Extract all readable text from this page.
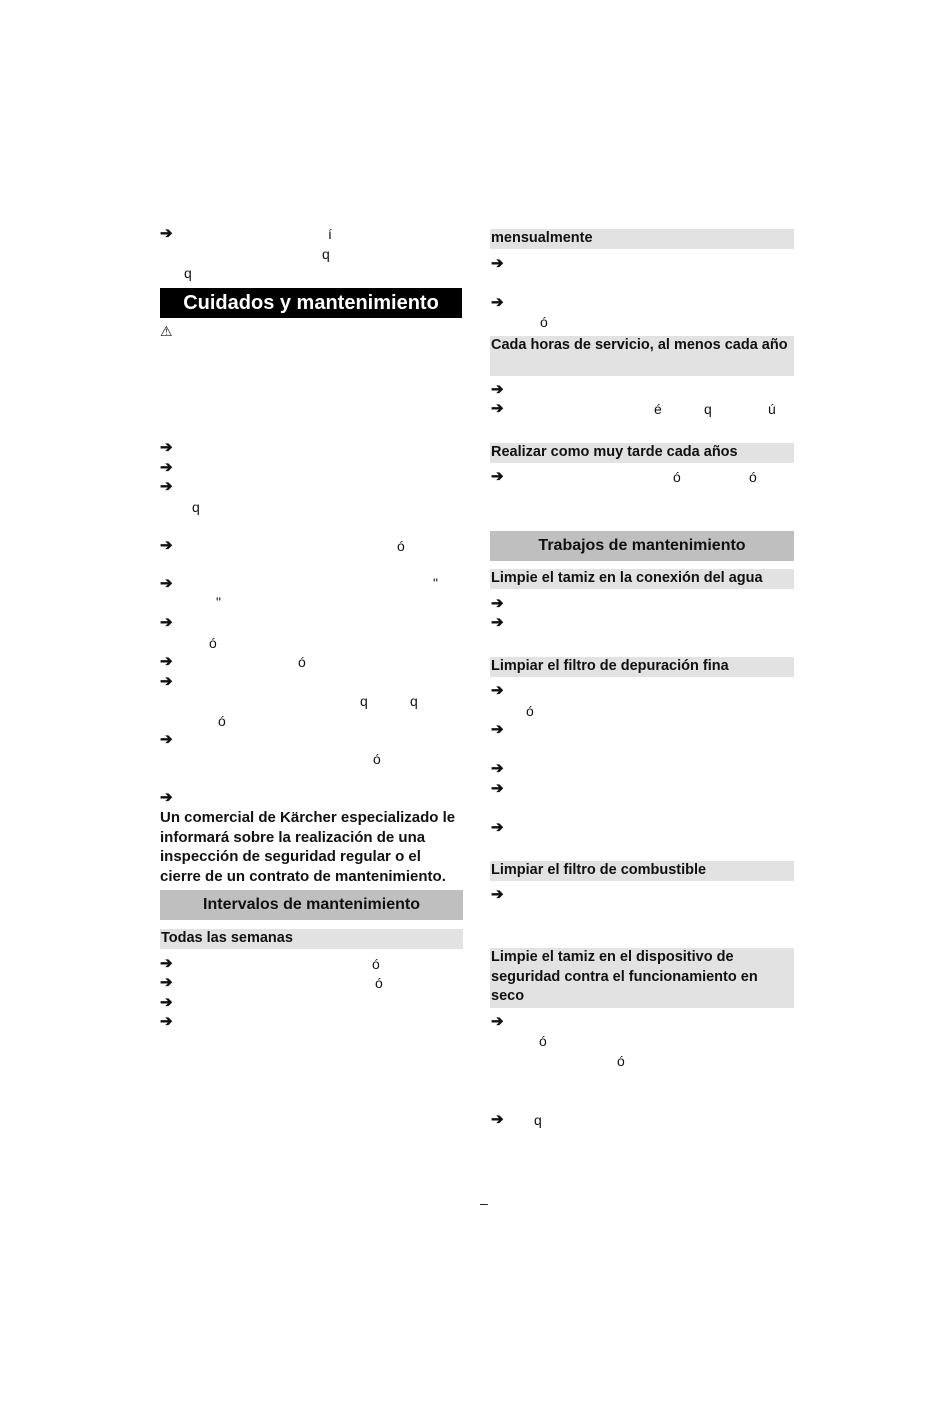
➔	í
q
q
Cuidados y mantenimiento
⚠
➔
➔
➔
q
➔	ó
➔	"
"
➔
ó
➔	ó
➔
q	q
ó
➔
ó
➔
Un comercial de Kärcher especializado le informará sobre la realización de una inspección de seguridad regular o el cierre de un contrato de mantenimiento.
Intervalos de mantenimiento
Todas las semanas
➔	ó
➔	ó
➔
➔
mensualmente
➔
➔
ó
Cada horas de servicio, al menos cada año
➔
➔	é	q	ú
Realizar como muy tarde cada años
➔	ó	ó
Trabajos de mantenimiento
Limpie el tamiz en la conexión del agua
➔
➔
Limpiar el filtro de depuración fina
➔
ó
➔
➔
➔
➔
Limpiar el filtro de combustible
➔
Limpie el tamiz en el dispositivo de seguridad contra el funcionamiento en seco
➔
ó
ó
➔ q
–
